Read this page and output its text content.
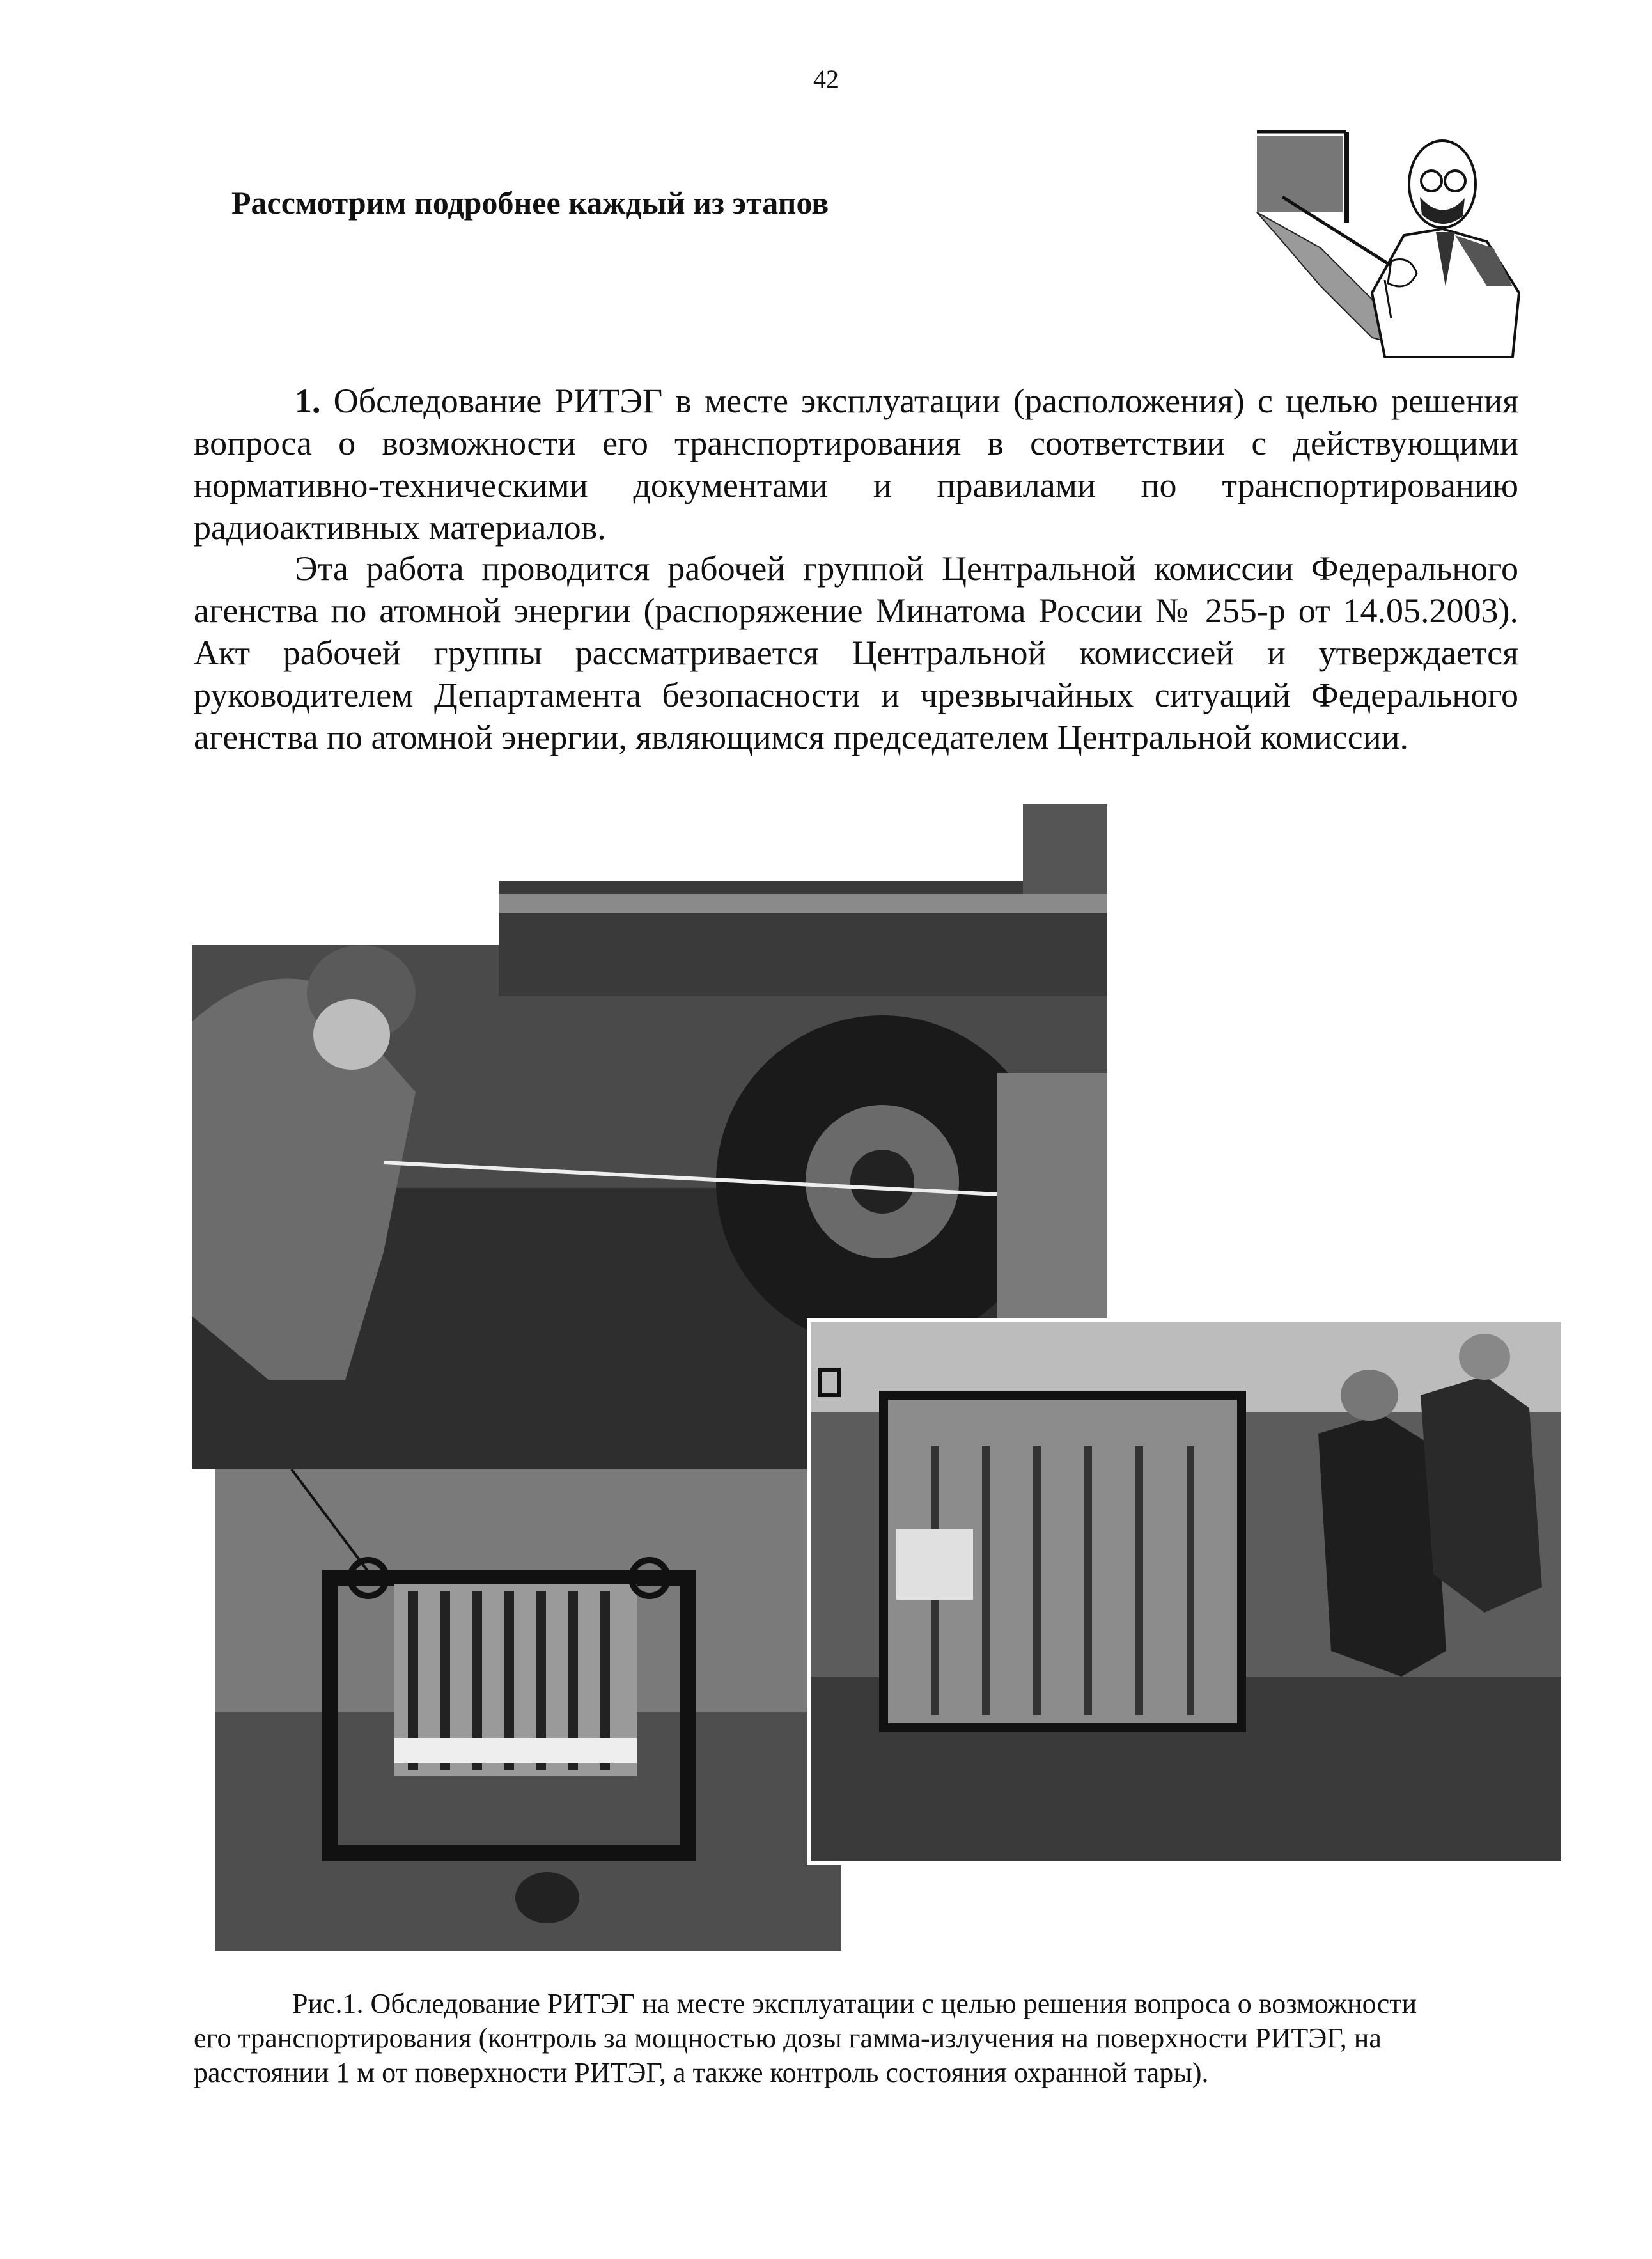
42
Рассмотрим подробнее каждый из этапов
1. Обследование РИТЭГ в месте эксплуатации (расположения) с целью решения вопроса о возможности его транспортирования в соответствии с действующими нормативно-техническими документами и правилами по транспортированию радиоактивных материалов.
Эта работа проводится рабочей группой Центральной комиссии Федерального агенства по атомной энергии (распоряжение Минатома России № 255-р от 14.05.2003). Акт рабочей группы рассматривается Центральной комиссией и утверждается руководителем Департамента безопасности и чрезвычайных ситуаций Федерального агенства по атомной энергии, являющимся председателем Центральной комиссии.
Рис.1. Обследование РИТЭГ на месте эксплуатации с целью решения вопроса о возможности
его транспортирования (контроль за мощностью дозы гамма-излучения на поверхности РИТЭГ, на расстоянии 1 м от поверхности РИТЭГ, а также контроль состояния охранной тары).
